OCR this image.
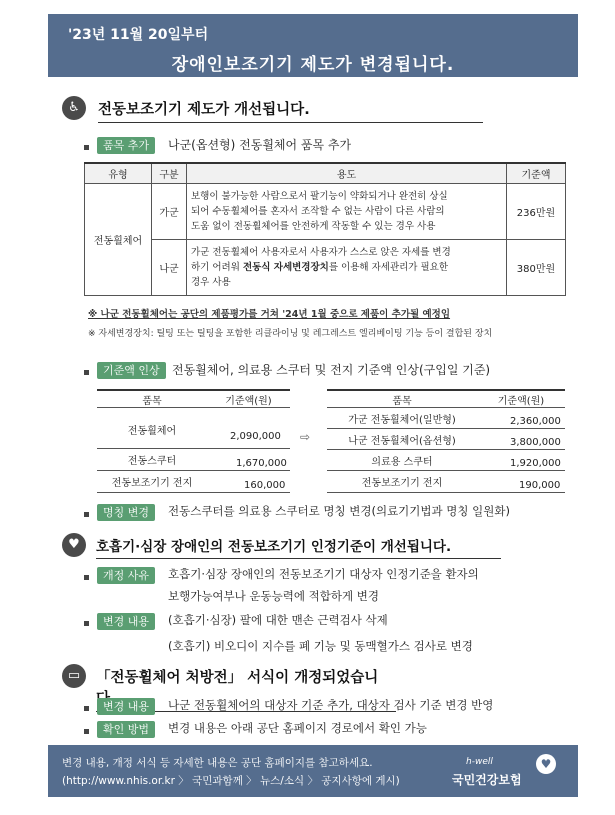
'23년 11월 20일부터
장애인보조기기 제도가 변경됩니다.
♿	전동보조기기 제도가 개선됩니다.
품목 추가	나군(옵션형) 전동휠체어 품목 추가
유형	구분	용도	기준액
전동휠체어	가군	보행이 불가능한 사람으로서 팔기능이 약화되거나 완전히 상실
되어 수동휠체어를 혼자서 조작할 수 없는 사람이 다른 사람의
도움 없이 전동휠체어를 안전하게 작동할 수 있는 경우 사용	236만원
	나군	가군 전동휠체어 사용자로서 사용자가 스스로 앉은 자세를 변경
하기 어려워 전동식 자세변경장치를 이용해 자세관리가 필요한
경우 사용	380만원
※ 나군 전동휠체어는 공단의 제품평가를 거쳐 '24년 1월 중으로 제품이 추가될 예정임
※ 자세변경장치: 틸팅 또는 틸팅을 포함한 리클라이닝 및 레그레스트 엘리베이팅 기능 등이 결합된 장치
기준액 인상	전동휠체어, 의료용 스쿠터 및 전지 기준액 인상(구입일 기준)
품목	기준액(원)
전동휠체어	2,090,000
전동스쿠터	1,670,000
전동보조기기 전지	160,000
⇨
품목	기준액(원)
가군 전동휠체어(일반형)	2,360,000
나군 전동휠체어(옵션형)	3,800,000
의료용 스쿠터	1,920,000
전동보조기기 전지	190,000
명칭 변경	전동스쿠터를 의료용 스쿠터로 명칭 변경(의료기기법과 명칭 일원화)
♥	호흡기·심장 장애인의 전동보조기기 인정기준이 개선됩니다.
개정 사유	호흡기·심장 장애인의 전동보조기기 대상자 인정기준을 환자의
보행가능여부나 운동능력에 적합하게 변경
변경 내용	(호흡기·심장) 팔에 대한 맨손 근력검사 삭제
(호흡기) 비오디이 지수를 폐 기능 및 동맥혈가스 검사로 변경
▭	「전동휠체어 처방전」 서식이 개정되었습니
변경 내용	나군 전동휠체어의 대상자 기준 추가, 대상자 검사 기준 변경 반영
확인 방법	변경 내용은 아래 공단 홈페이지 경로에서 확인 가능
변경 내용, 개정 서식 등 자세한 내용은 공단 홈페이지를 참고하세요.
(http://www.nhis.or.kr 〉 국민과함께 〉 뉴스/소식 〉 공지사항에 게시)
h-well
국민건강보험
♥
